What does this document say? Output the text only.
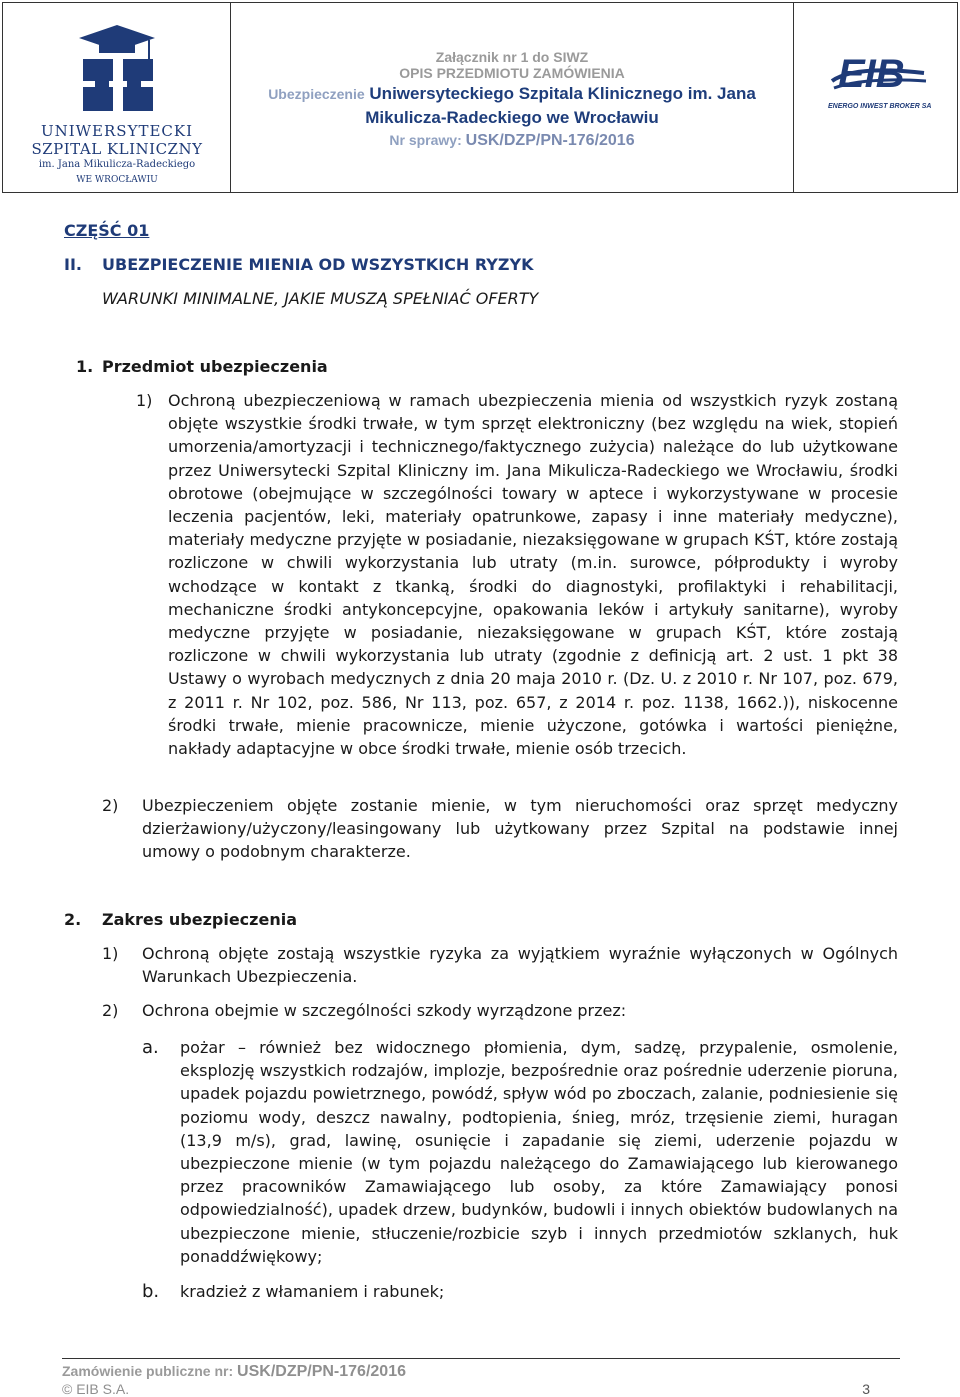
UNIWERSYTECKI
SZPITAL KLINICZNY
im. Jana Mikulicza-Radeckiego
WE WROCŁAWIU
Załącznik nr 1 do SIWZ
OPIS PRZEDMIOTU ZAMÓWIENIA
Ubezpieczenie Uniwersyteckiego Szpitala Klinicznego im. Jana
Mikulicza-Radeckiego we Wrocławiu
Nr sprawy: USK/DZP/PN-176/2016
EIB
ENERGO INWEST BROKER SA
CZĘŚĆ 01
II. UBEZPIECZENIE MIENIA OD WSZYSTKICH RYZYK
WARUNKI MINIMALNE, JAKIE MUSZĄ SPEŁNIAĆ OFERTY
1. Przedmiot ubezpieczenia
1) Ochroną ubezpieczeniową w ramach ubezpieczenia mienia od wszystkich ryzyk zostaną objęte wszystkie środki trwałe, w tym sprzęt elektroniczny (bez względu na wiek, stopień umorzenia/amortyzacji i technicznego/faktycznego zużycia) należące do lub użytkowane przez Uniwersytecki Szpital Kliniczny im. Jana Mikulicza-Radeckiego we Wrocławiu, środki obrotowe (obejmujące w szczególności towary w aptece i wykorzystywane w procesie leczenia pacjentów, leki, materiały opatrunkowe, zapasy i inne materiały medyczne), materiały medyczne przyjęte w posiadanie, niezaksięgowane w grupach KŚT, które zostają rozliczone w chwili wykorzystania lub utraty (m.in. surowce, półprodukty i wyroby wchodzące w kontakt z tkanką, środki do diagnostyki, profilaktyki i rehabilitacji, mechaniczne środki antykoncepcyjne, opakowania leków i artykuły sanitarne), wyroby medyczne przyjęte w posiadanie, niezaksięgowane w grupach KŚT, które zostają rozliczone w chwili wykorzystania lub utraty (zgodnie z definicją art. 2 ust. 1 pkt 38 Ustawy o wyrobach medycznych z dnia 20 maja 2010 r. (Dz. U. z 2010 r. Nr 107, poz. 679, z 2011 r. Nr 102, poz. 586, Nr 113, poz. 657, z 2014 r. poz. 1138, 1662.)), niskocenne środki trwałe, mienie pracownicze, mienie użyczone, gotówka i wartości pieniężne, nakłady adaptacyjne w obce środki trwałe, mienie osób trzecich.
2) Ubezpieczeniem objęte zostanie mienie, w tym nieruchomości oraz sprzęt medyczny dzierżawiony/użyczony/leasingowany lub użytkowany przez Szpital na podstawie innej umowy o podobnym charakterze.
2. Zakres ubezpieczenia
1) Ochroną objęte zostają wszystkie ryzyka za wyjątkiem wyraźnie wyłączonych w Ogólnych Warunkach Ubezpieczenia.
2) Ochrona obejmie w szczególności szkody wyrządzone przez:
a. pożar – również bez widocznego płomienia, dym, sadzę, przypalenie, osmolenie, eksplozję wszystkich rodzajów, implozje, bezpośrednie oraz pośrednie uderzenie pioruna, upadek pojazdu powietrznego, powódź, spływ wód po zboczach, zalanie, podniesienie się poziomu wody, deszcz nawalny, podtopienia, śnieg, mróz, trzęsienie ziemi, huragan (13,9 m/s), grad, lawinę, osunięcie i zapadanie się ziemi, uderzenie pojazdu w ubezpieczone mienie (w tym pojazdu należącego do Zamawiającego lub kierowanego przez pracowników Zamawiającego lub osoby, za które Zamawiający ponosi odpowiedzialność), upadek drzew, budynków, budowli i innych obiektów budowlanych na ubezpieczone mienie, stłuczenie/rozbicie szyb i innych przedmiotów szklanych, huk ponaddźwiękowy;
b. kradzież z włamaniem i rabunek;
Zamówienie publiczne nr: USK/DZP/PN-176/2016
© EIB S.A.	3
